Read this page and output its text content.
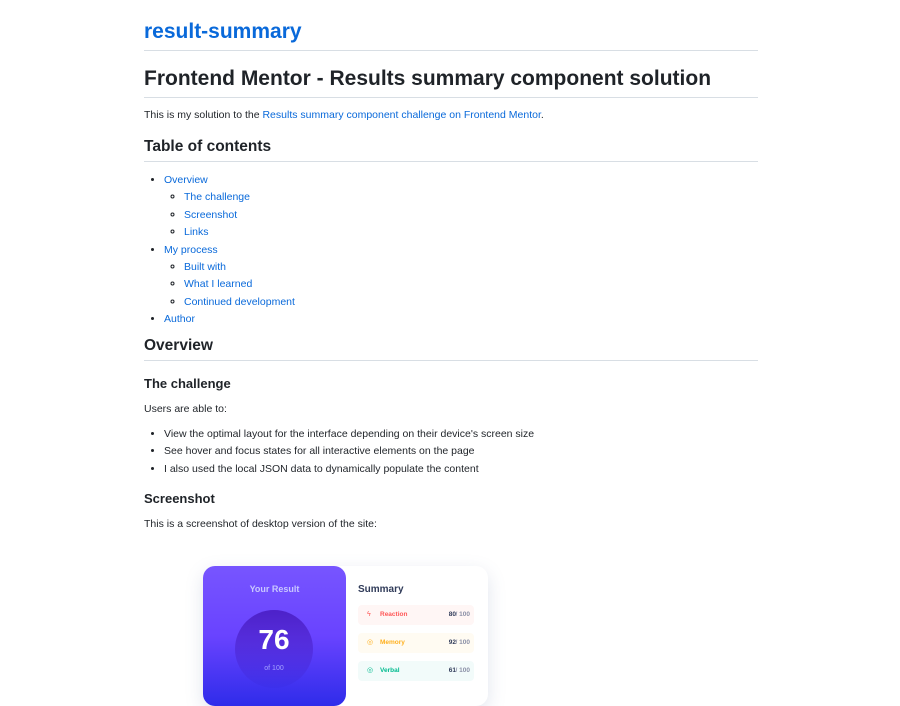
result-summary
Frontend Mentor - Results summary component solution

This is my solution to the Results summary component challenge on Frontend Mentor.

Table of contents
• Overview
◦ The challenge
◦ Screenshot
◦ Links
• My process
◦ Built with
◦ What I learned
◦ Continued development
• Author
Overview
The challenge

Users are able to:

• View the optimal layout for the interface depending on their device's screen size
• See hover and focus states for all interactive elements on the page
• I also used the local JSON data to dynamically populate the content
Screenshot

This is a screenshot of desktop version of the site:

Your Result
76
of 100
Summary
ϟ Reaction	80 / 100
◎ Memory	92 / 100
◎ Verbal	61 / 100
